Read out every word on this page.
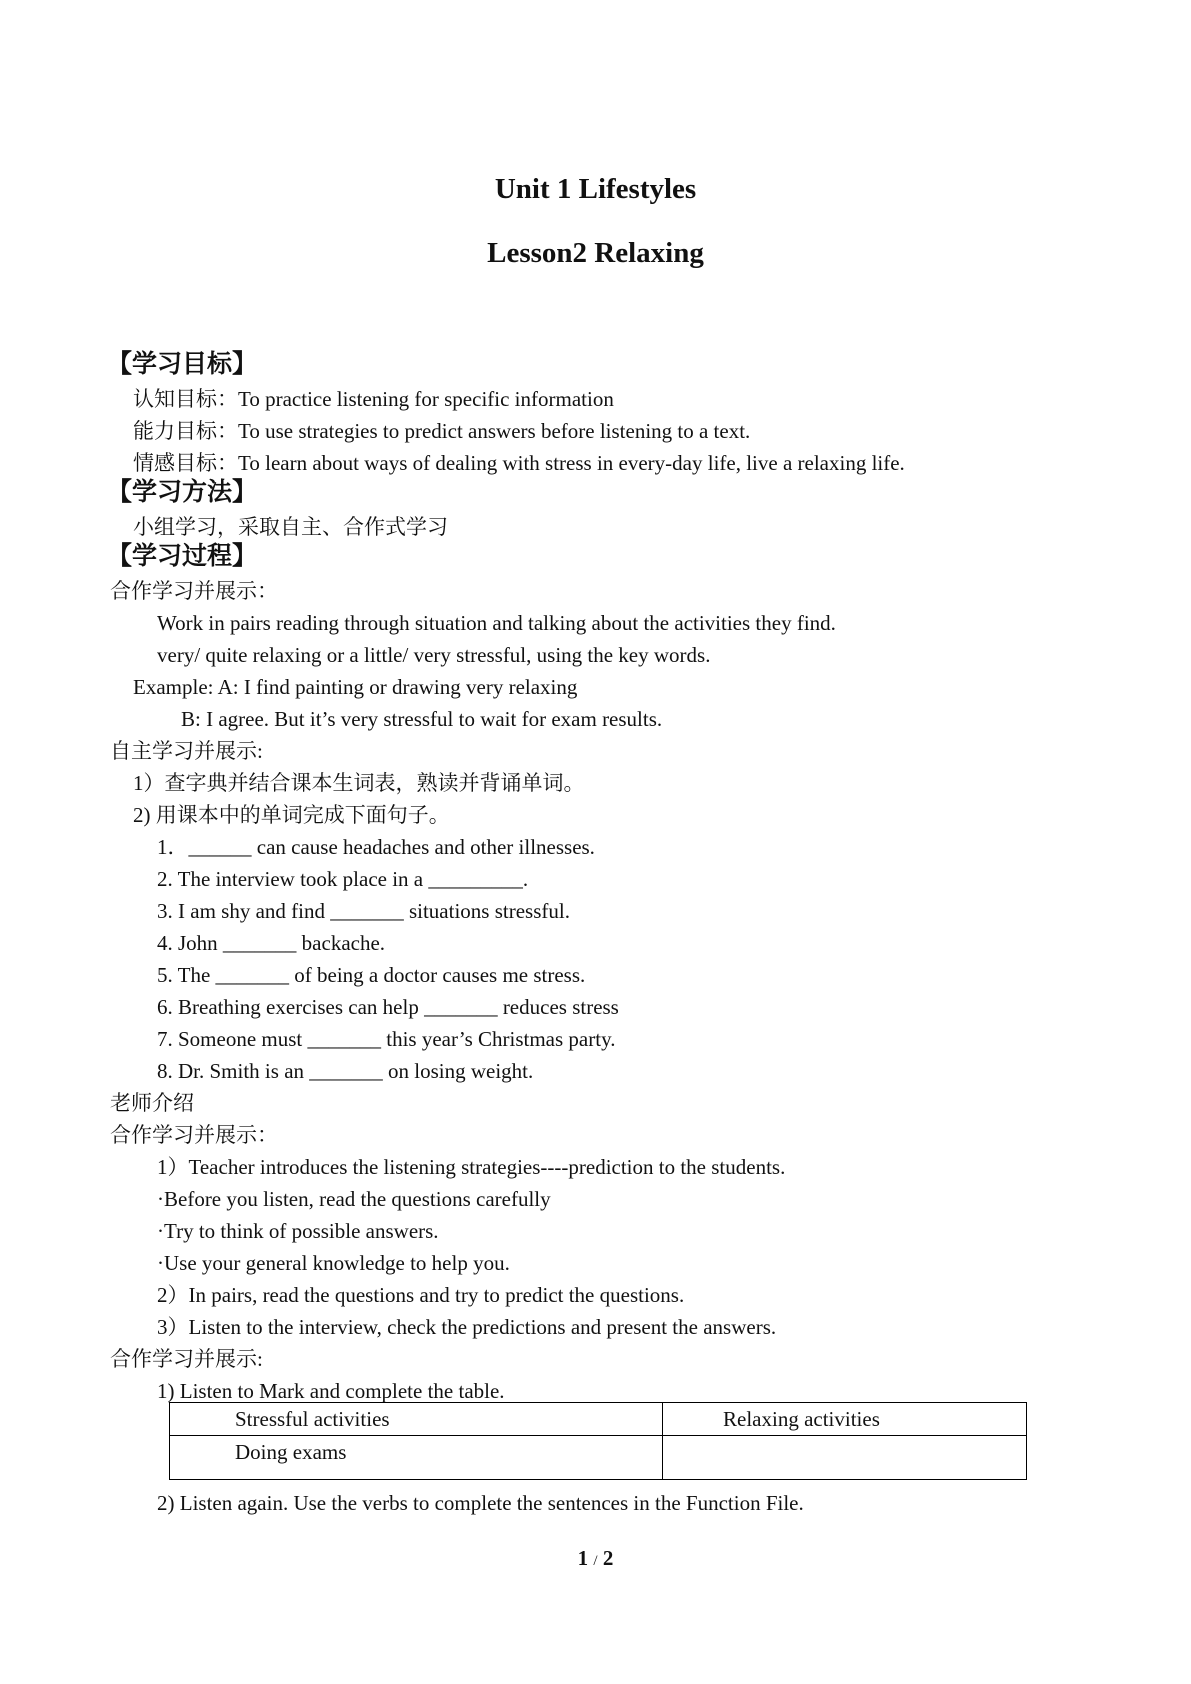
Unit 1 Lifestyles
Lesson2 Relaxing
【学习目标】
认知目标：To practice listening for specific information
能力目标：To use strategies to predict answers before listening to a text.
情感目标：To learn about ways of dealing with stress in every-day life, live a relaxing life.
【学习方法】
小组学习，采取自主、合作式学习
【学习过程】
合作学习并展示：
Work in pairs reading through situation and talking about the activities they find.
very/ quite relaxing or a little/ very stressful, using the key words.
Example: A: I find painting or drawing very relaxing
B: I agree. But it’s very stressful to wait for exam results.
自主学习并展示:
1）查字典并结合课本生词表，熟读并背诵单词。
2) 用课本中的单词完成下面句子。
1．______ can cause headaches and other illnesses.
2. The interview took place in a _________.
3. I am shy and find _______ situations stressful.
4. John _______ backache.
5. The _______ of being a doctor causes me stress.
6. Breathing exercises can help _______ reduces stress
7. Someone must _______ this year’s Christmas party.
8. Dr. Smith is an _______ on losing weight.
老师介绍
合作学习并展示：
1）Teacher introduces the listening strategies----prediction to the students.
·Before you listen, read the questions carefully
·Try to think of possible answers.
·Use your general knowledge to help you.
2）In pairs, read the questions and try to predict the questions.
3）Listen to the interview, check the predictions and present the answers.
合作学习并展示:
1) Listen to Mark and complete the table.
Stressful activities	Relaxing activities
Doing exams	
2) Listen again. Use the verbs to complete the sentences in the Function File.
1 / 2
